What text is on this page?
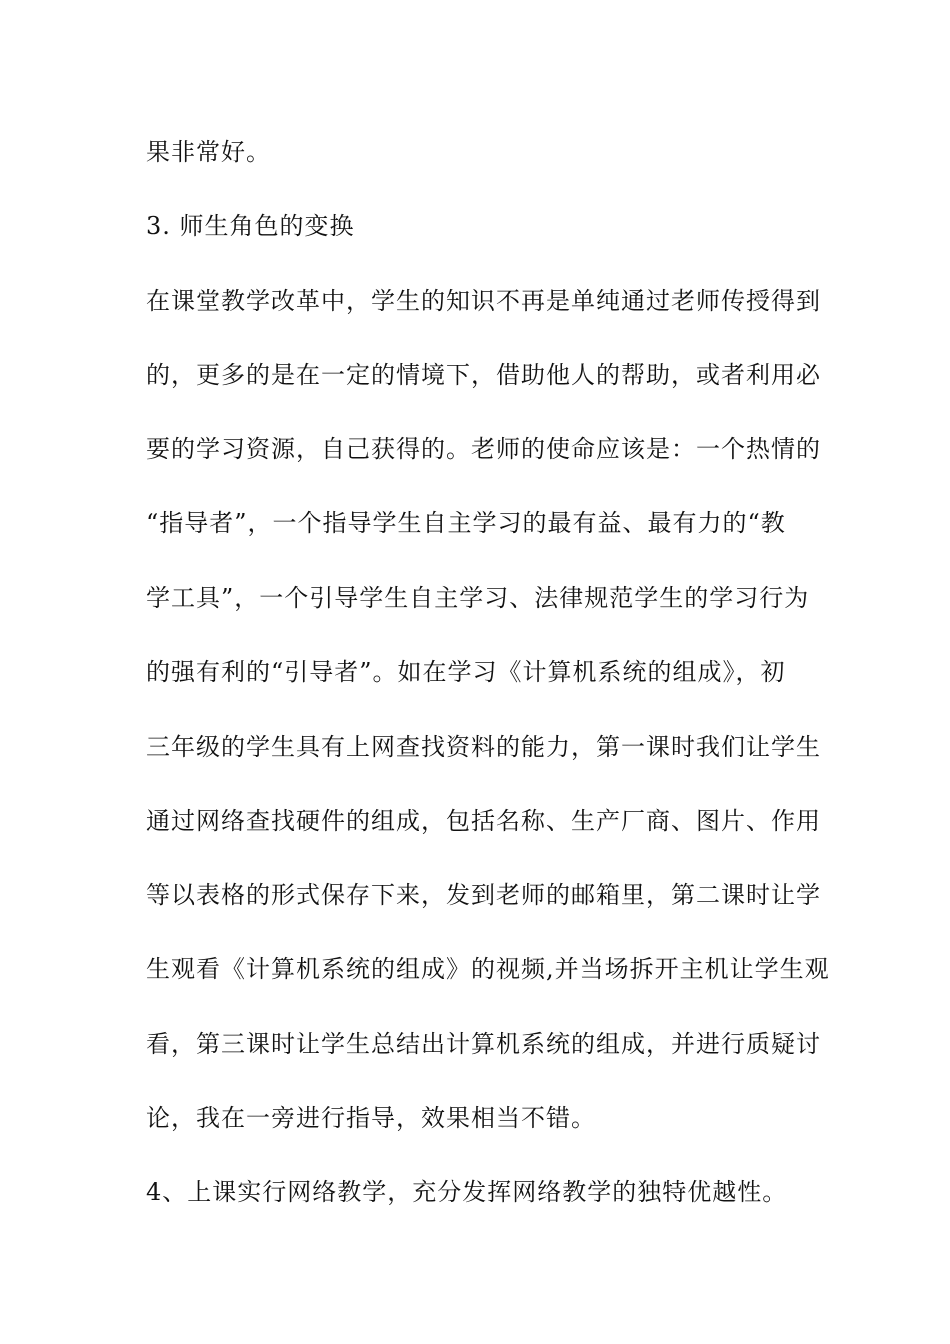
果非常好。
3. 师生角色的变换
在课堂教学改革中，学生的知识不再是单纯通过老师传授得到
的，更多的是在一定的情境下，借助他人的帮助，或者利用必
要的学习资源，自己获得的。老师的使命应该是：一个热情的
“指导者”，一个指导学生自主学习的最有益、最有力的“教
学工具”，一个引导学生自主学习、法律规范学生的学习行为
的强有利的“引导者”。如在学习《计算机系统的组成》，初
三年级的学生具有上网查找资料的能力，第一课时我们让学生
通过网络查找硬件的组成，包括名称、生产厂商、图片、作用
等以表格的形式保存下来，发到老师的邮箱里，第二课时让学
生观看《计算机系统的组成》的视频,并当场拆开主机让学生观
看，第三课时让学生总结出计算机系统的组成，并进行质疑讨
论，我在一旁进行指导，效果相当不错。
4、上课实行网络教学，充分发挥网络教学的独特优越性。
